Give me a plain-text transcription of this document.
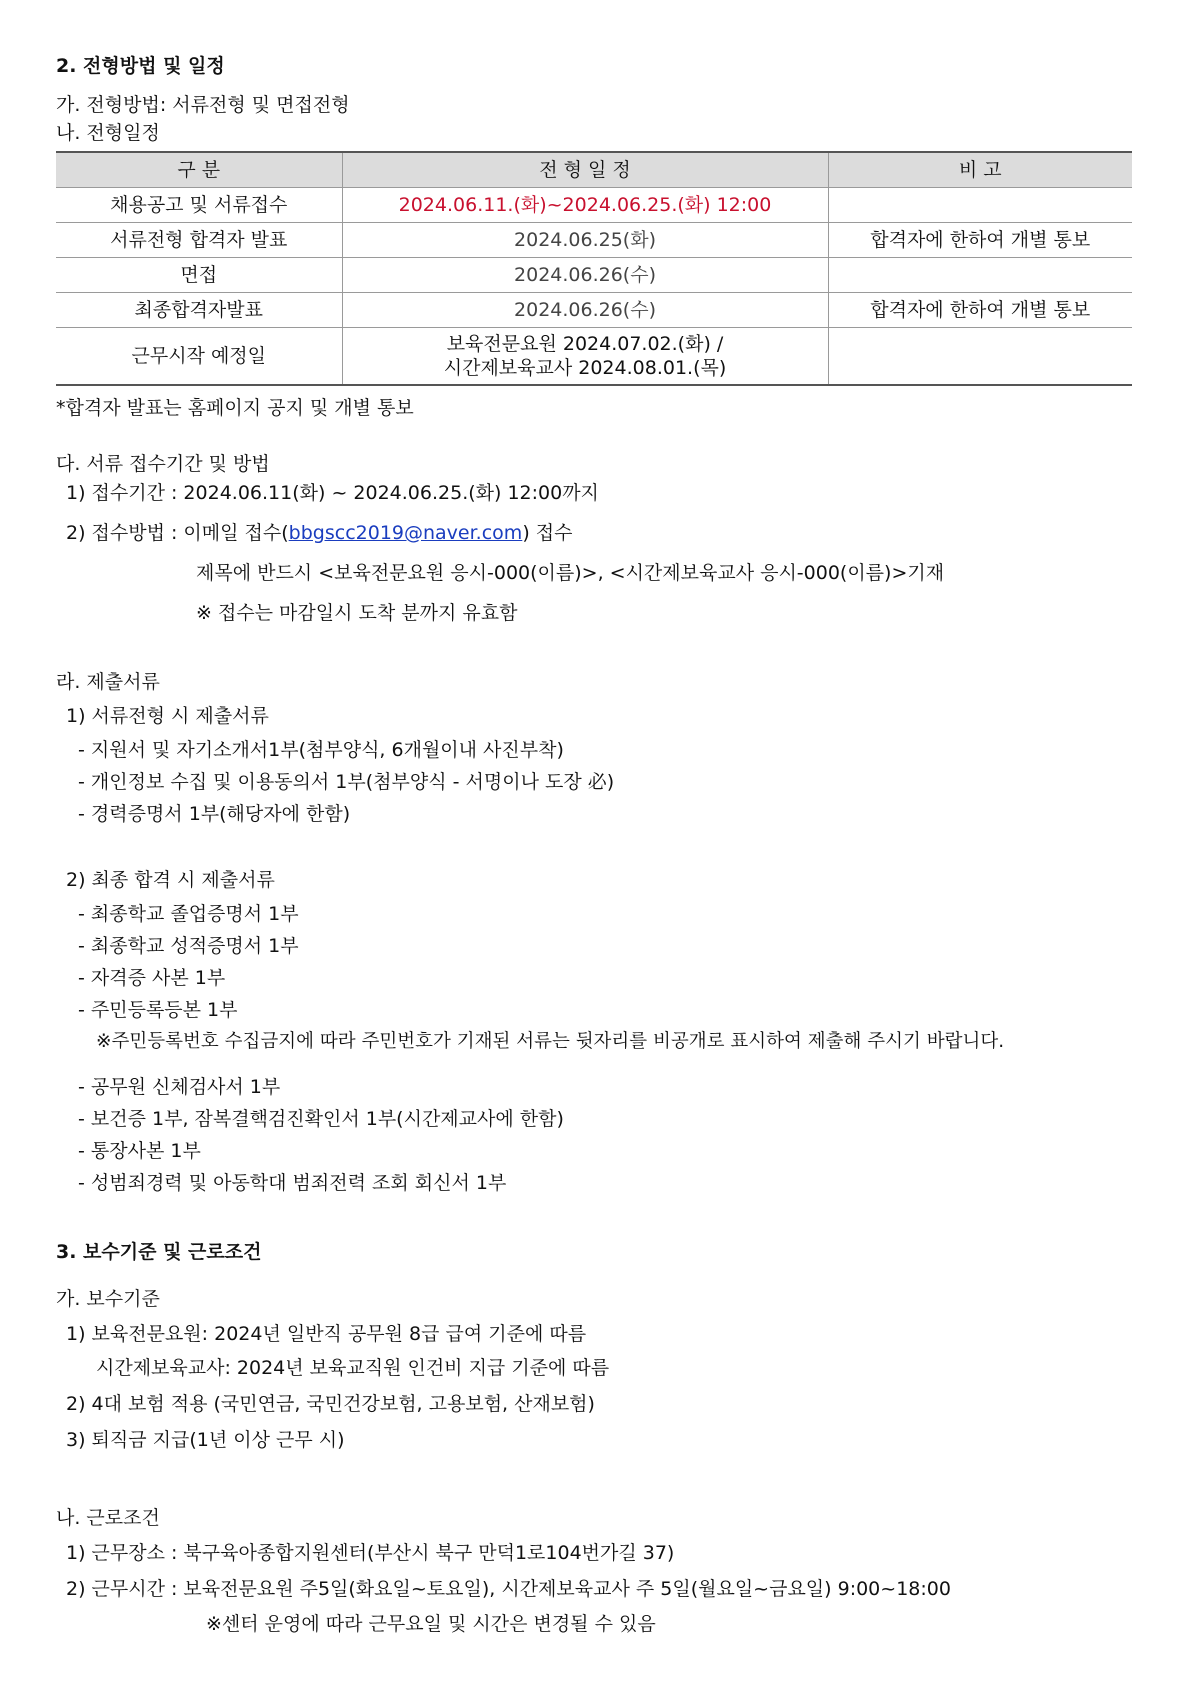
2. 전형방법 및 일정
가. 전형방법: 서류전형 및 면접전형
나. 전형일정
구 분	전 형 일 정	비 고
채용공고 및 서류접수	2024.06.11.(화)~2024.06.25.(화) 12:00	
서류전형 합격자 발표	2024.06.25(화)	합격자에 한하여 개별 통보
면접	2024.06.26(수)	
최종합격자발표	2024.06.26(수)	합격자에 한하여 개별 통보
근무시작 예정일	보육전문요원 2024.07.02.(화) /
시간제보육교사 2024.08.01.(목)	

*합격자 발표는 홈페이지 공지 및 개별 통보
다. 서류 접수기간 및 방법
1) 접수기간 : 2024.06.11(화) ~ 2024.06.25.(화) 12:00까지
2) 접수방법 : 이메일 접수(bbgscc2019@naver.com) 접수
제목에 반드시 <보육전문요원 응시-000(이름)>, <시간제보육교사 응시-000(이름)>기재
※ 접수는 마감일시 도착 분까지 유효함
라. 제출서류
1) 서류전형 시 제출서류
- 지원서 및 자기소개서1부(첨부양식, 6개월이내 사진부착)
- 개인정보 수집 및 이용동의서 1부(첨부양식 - 서명이나 도장 必)
- 경력증명서 1부(해당자에 한함)
2) 최종 합격 시 제출서류
- 최종학교 졸업증명서 1부
- 최종학교 성적증명서 1부
- 자격증 사본 1부
- 주민등록등본 1부
※주민등록번호 수집금지에 따라 주민번호가 기재된 서류는 뒷자리를 비공개로 표시하여 제출해 주시기 바랍니다.
- 공무원 신체검사서 1부
- 보건증 1부, 잠복결핵검진확인서 1부(시간제교사에 한함)
- 통장사본 1부
- 성범죄경력 및 아동학대 범죄전력 조회 회신서 1부
3. 보수기준 및 근로조건
가. 보수기준
1) 보육전문요원: 2024년 일반직 공무원 8급 급여 기준에 따름
시간제보육교사: 2024년 보육교직원 인건비 지급 기준에 따름
2) 4대 보험 적용 (국민연금, 국민건강보험, 고용보험, 산재보험)
3) 퇴직금 지급(1년 이상 근무 시)
나. 근로조건
1) 근무장소 : 북구육아종합지원센터(부산시 북구 만덕1로104번가길 37)
2) 근무시간 : 보육전문요원 주5일(화요일~토요일), 시간제보육교사 주 5일(월요일~금요일) 9:00~18:00
※센터 운영에 따라 근무요일 및 시간은 변경될 수 있음
